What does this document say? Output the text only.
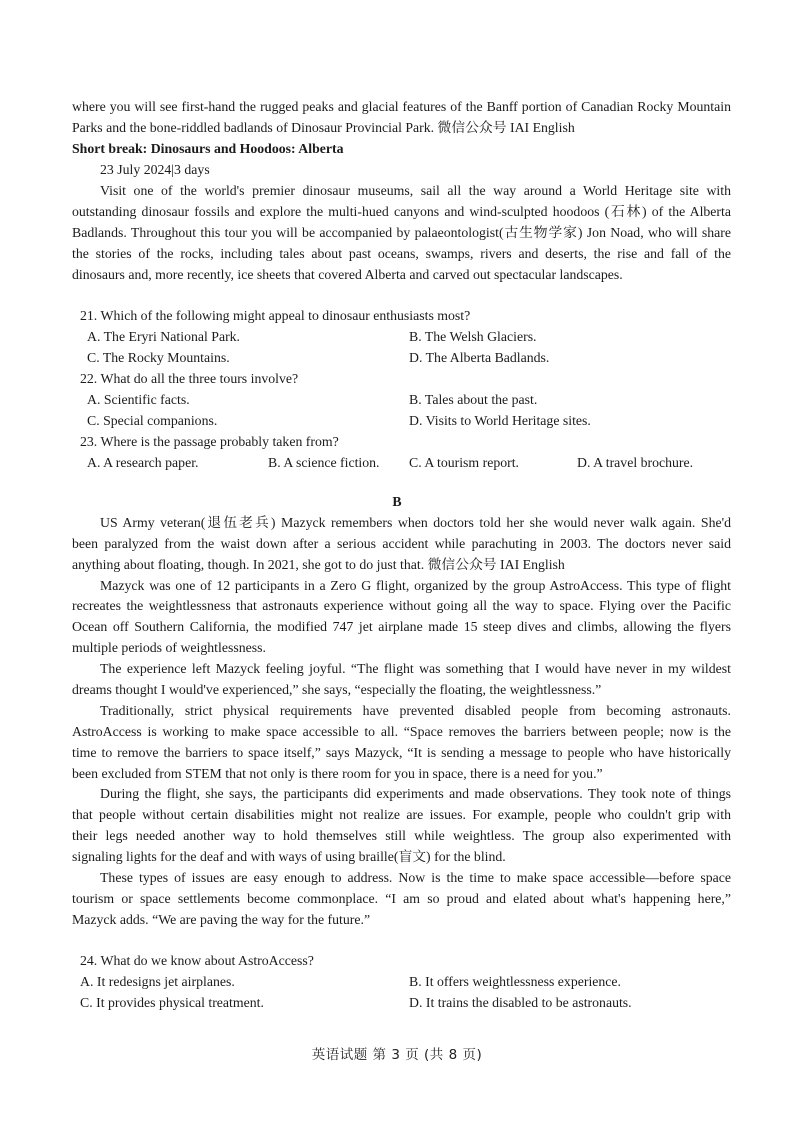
where you will see first-hand the rugged peaks and glacial features of the Banff portion of Canadian Rocky Mountain
Parks and the bone-riddled badlands of Dinosaur Provincial Park. 微信公众号 IAI English
Short break: Dinosaurs and Hoodoos: Alberta
23 July 2024|3 days
Visit one of the world's premier dinosaur museums, sail all the way around a World Heritage site with
outstanding dinosaur fossils and explore the multi-hued canyons and wind-sculpted hoodoos (石林) of the Alberta
Badlands. Throughout this tour you will be accompanied by palaeontologist(古生物学家) Jon Noad, who will share
the stories of the rocks, including tales about past oceans, swamps, rivers and deserts, the rise and fall of the
dinosaurs and, more recently, ice sheets that covered Alberta and carved out spectacular landscapes.
21. Which of the following might appeal to dinosaur enthusiasts most?
A. The Eryri National Park.	B. The Welsh Glaciers.
C. The Rocky Mountains.	D. The Alberta Badlands.
22. What do all the three tours involve?
A. Scientific facts.	B. Tales about the past.
C. Special companions.	D. Visits to World Heritage sites.
23. Where is the passage probably taken from?
A. A research paper.	B. A science fiction. C. A tourism report.	D. A travel brochure.
B
US Army veteran(退伍老兵) Mazyck remembers when doctors told her she would never walk again. She'd
been paralyzed from the waist down after a serious accident while parachuting in 2003. The doctors never said
anything about floating, though. In 2021, she got to do just that. 微信公众号 IAI English
Mazyck was one of 12 participants in a Zero G flight, organized by the group AstroAccess. This type of flight
recreates the weightlessness that astronauts experience without going all the way to space. Flying over the Pacific
Ocean off Southern California, the modified 747 jet airplane made 15 steep dives and climbs, allowing the flyers
multiple periods of weightlessness.
The experience left Mazyck feeling joyful. “The flight was something that I would have never in my wildest
dreams thought I would've experienced,” she says, “especially the floating, the weightlessness.”
Traditionally, strict physical requirements have prevented disabled people from becoming astronauts.
AstroAccess is working to make space accessible to all. “Space removes the barriers between people; now is the
time to remove the barriers to space itself,” says Mazyck, “It is sending a message to people who have historically
been excluded from STEM that not only is there room for you in space, there is a need for you.”
During the flight, she says, the participants did experiments and made observations. They took note of things
that people without certain disabilities might not realize are issues. For example, people who couldn't grip with
their legs needed another way to hold themselves still while weightless. The group also experimented with
signaling lights for the deaf and with ways of using braille(盲文) for the blind.
These types of issues are easy enough to address. Now is the time to make space accessible—before space
tourism or space settlements become commonplace. “I am so proud and elated about what's happening here,”
Mazyck adds. “We are paving the way for the future.”
24. What do we know about AstroAccess?
A. It redesigns jet airplanes.	B. It offers weightlessness experience.
C. It provides physical treatment.	D. It trains the disabled to be astronauts.
英语试题 第 3 页 (共 8 页)
